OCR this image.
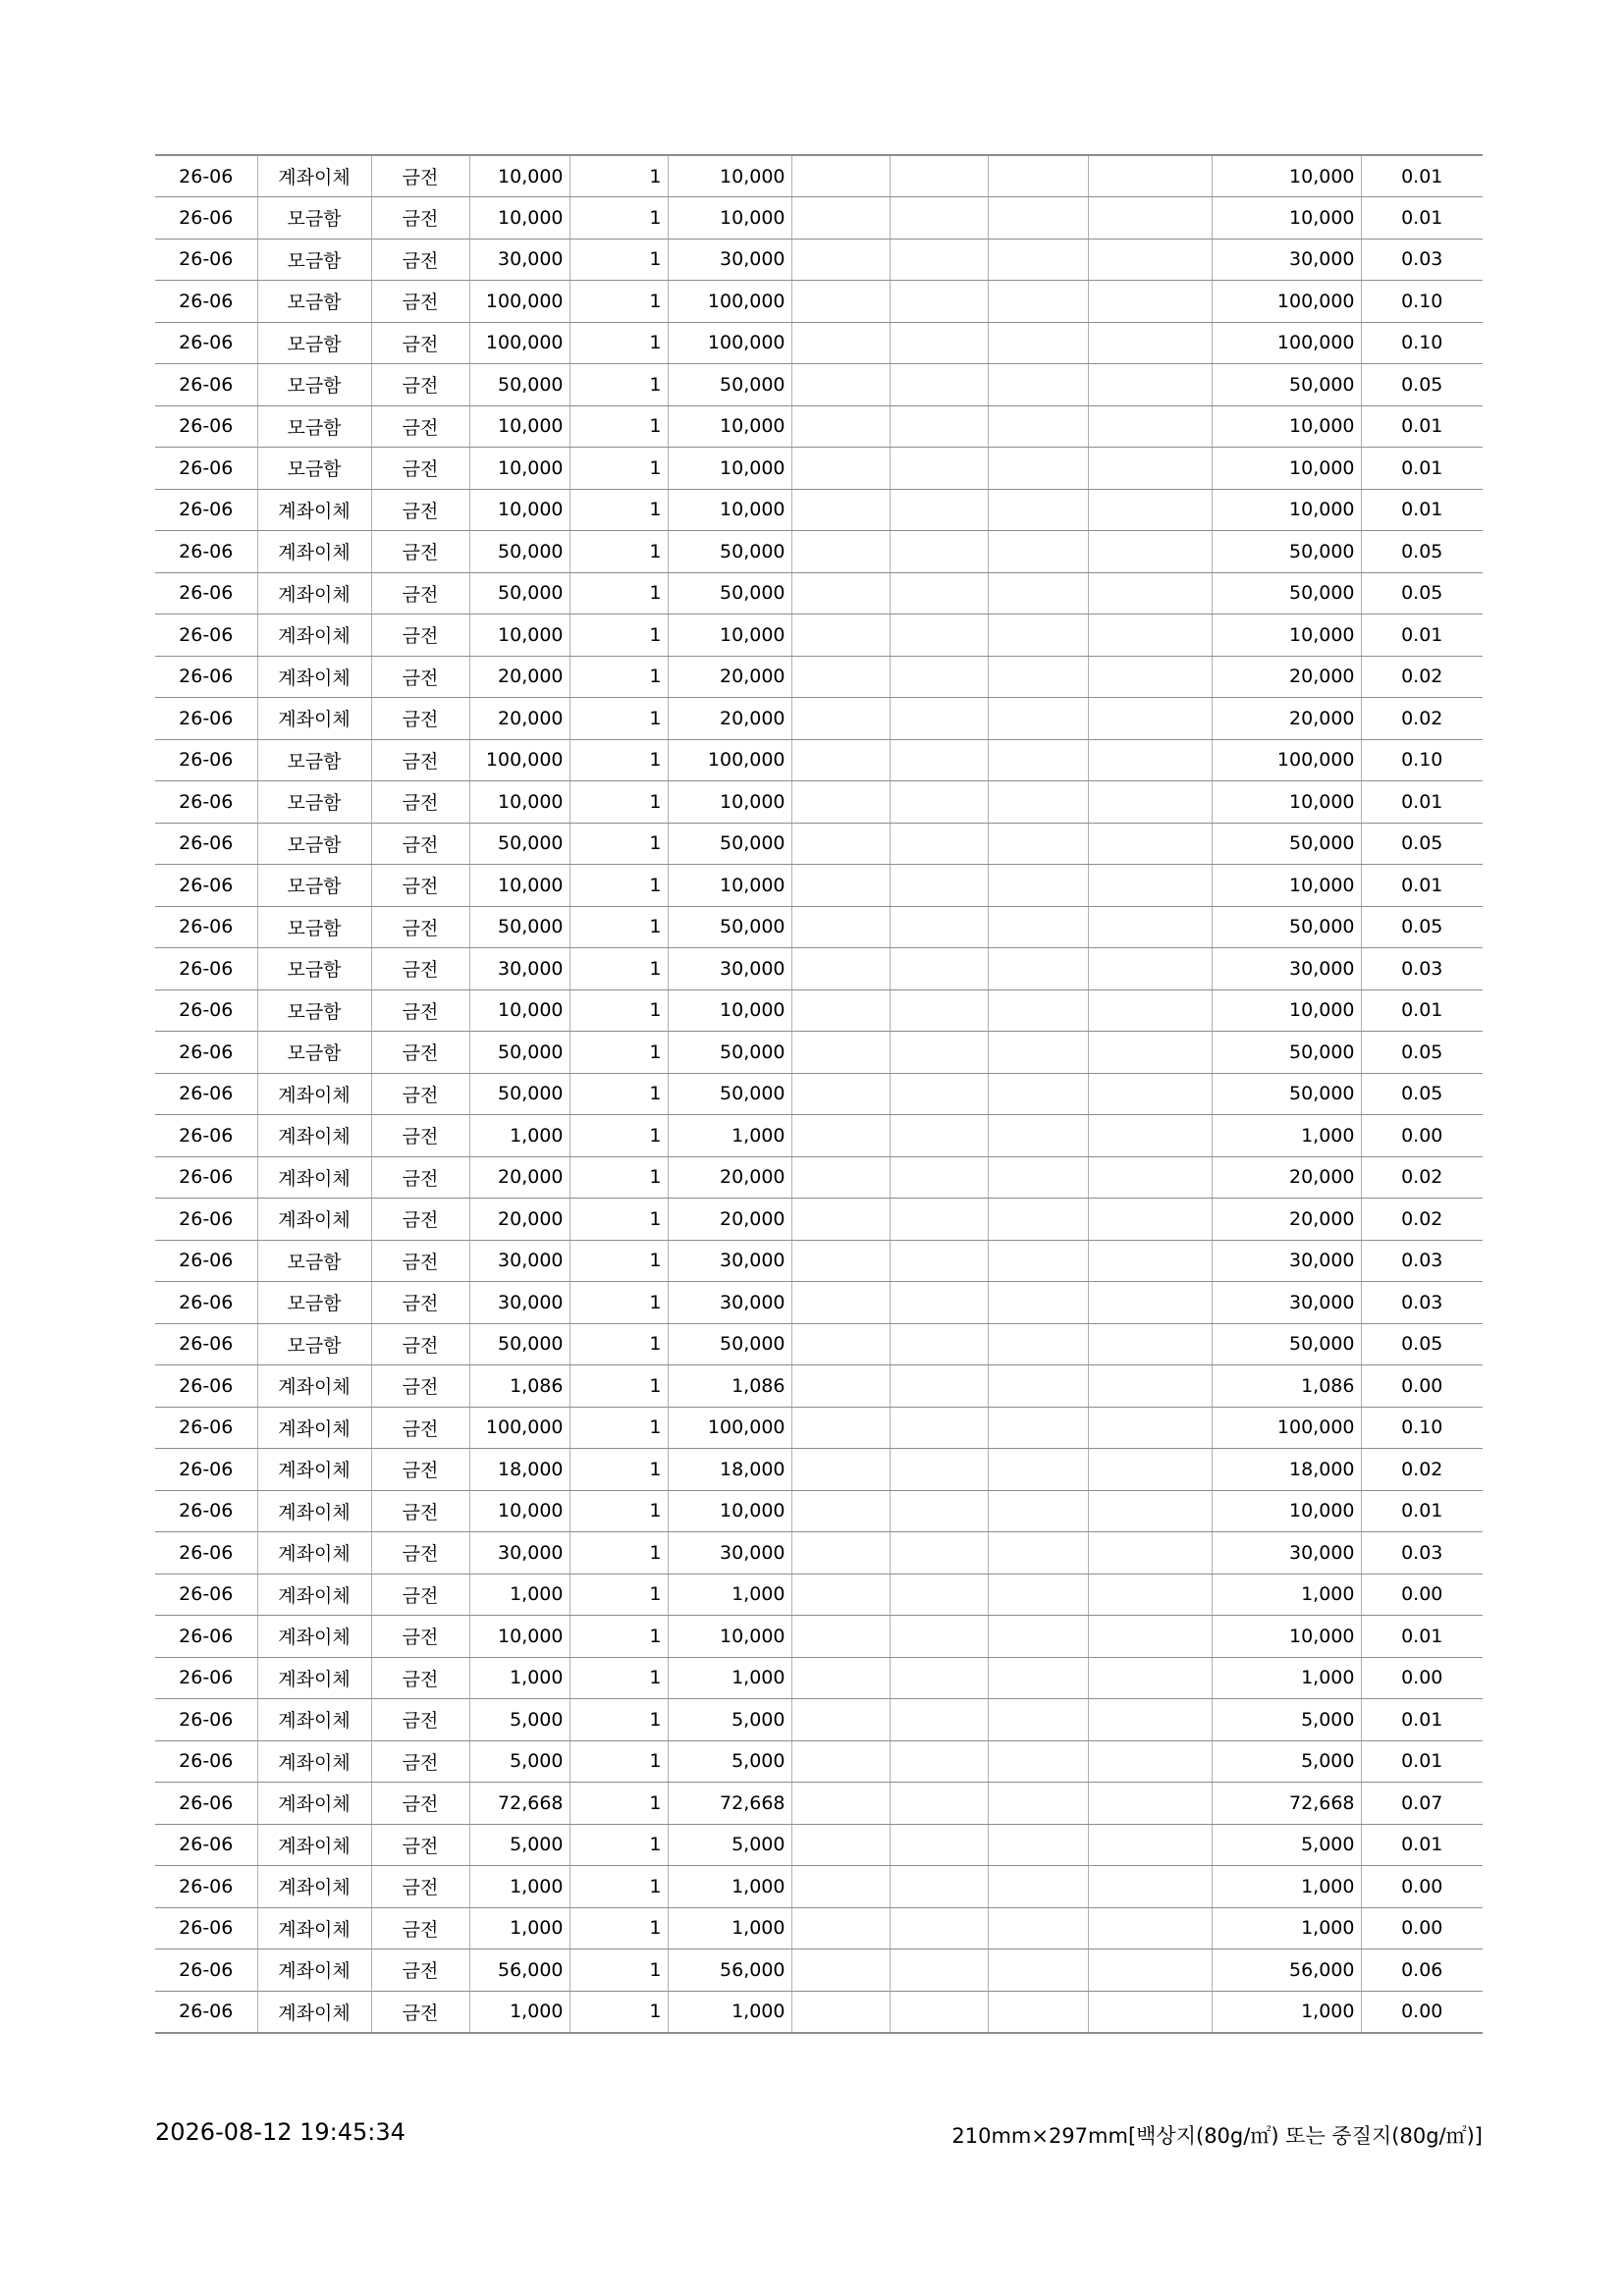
26-06	계좌이체	금전	10,000	1	10,000					10,000	0.01
26-06	모금함	금전	10,000	1	10,000					10,000	0.01
26-06	모금함	금전	30,000	1	30,000					30,000	0.03
26-06	모금함	금전	100,000	1	100,000					100,000	0.10
26-06	모금함	금전	100,000	1	100,000					100,000	0.10
26-06	모금함	금전	50,000	1	50,000					50,000	0.05
26-06	모금함	금전	10,000	1	10,000					10,000	0.01
26-06	모금함	금전	10,000	1	10,000					10,000	0.01
26-06	계좌이체	금전	10,000	1	10,000					10,000	0.01
26-06	계좌이체	금전	50,000	1	50,000					50,000	0.05
26-06	계좌이체	금전	50,000	1	50,000					50,000	0.05
26-06	계좌이체	금전	10,000	1	10,000					10,000	0.01
26-06	계좌이체	금전	20,000	1	20,000					20,000	0.02
26-06	계좌이체	금전	20,000	1	20,000					20,000	0.02
26-06	모금함	금전	100,000	1	100,000					100,000	0.10
26-06	모금함	금전	10,000	1	10,000					10,000	0.01
26-06	모금함	금전	50,000	1	50,000					50,000	0.05
26-06	모금함	금전	10,000	1	10,000					10,000	0.01
26-06	모금함	금전	50,000	1	50,000					50,000	0.05
26-06	모금함	금전	30,000	1	30,000					30,000	0.03
26-06	모금함	금전	10,000	1	10,000					10,000	0.01
26-06	모금함	금전	50,000	1	50,000					50,000	0.05
26-06	계좌이체	금전	50,000	1	50,000					50,000	0.05
26-06	계좌이체	금전	1,000	1	1,000					1,000	0.00
26-06	계좌이체	금전	20,000	1	20,000					20,000	0.02
26-06	계좌이체	금전	20,000	1	20,000					20,000	0.02
26-06	모금함	금전	30,000	1	30,000					30,000	0.03
26-06	모금함	금전	30,000	1	30,000					30,000	0.03
26-06	모금함	금전	50,000	1	50,000					50,000	0.05
26-06	계좌이체	금전	1,086	1	1,086					1,086	0.00
26-06	계좌이체	금전	100,000	1	100,000					100,000	0.10
26-06	계좌이체	금전	18,000	1	18,000					18,000	0.02
26-06	계좌이체	금전	10,000	1	10,000					10,000	0.01
26-06	계좌이체	금전	30,000	1	30,000					30,000	0.03
26-06	계좌이체	금전	1,000	1	1,000					1,000	0.00
26-06	계좌이체	금전	10,000	1	10,000					10,000	0.01
26-06	계좌이체	금전	1,000	1	1,000					1,000	0.00
26-06	계좌이체	금전	5,000	1	5,000					5,000	0.01
26-06	계좌이체	금전	5,000	1	5,000					5,000	0.01
26-06	계좌이체	금전	72,668	1	72,668					72,668	0.07
26-06	계좌이체	금전	5,000	1	5,000					5,000	0.01
26-06	계좌이체	금전	1,000	1	1,000					1,000	0.00
26-06	계좌이체	금전	1,000	1	1,000					1,000	0.00
26-06	계좌이체	금전	56,000	1	56,000					56,000	0.06
26-06	계좌이체	금전	1,000	1	1,000					1,000	0.00
2026-08-12 19:45:34	210mm×297mm[백상지(80g/㎡) 또는 중질지(80g/㎡)]
